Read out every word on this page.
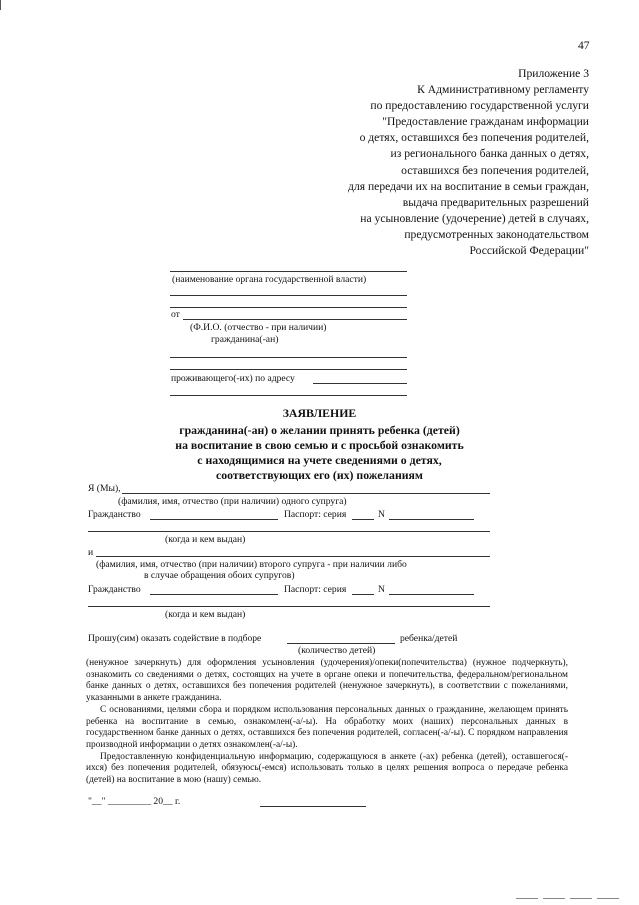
47
Приложение 3
К Административному регламенту
по предоставлению государственной услуги
"Предоставление гражданам информации
о детях, оставшихся без попечения родителей,
из регионального банка данных о детях,
оставшихся без попечения родителей,
для передачи их на воспитание в семьи граждан,
выдача предварительных разрешений
на усыновление (удочерение) детей в случаях,
предусмотренных законодательством
Российской Федерации"
(наименование органа государственной власти)
от
(Ф.И.О. (отчество - при наличии)
гражданина(-ан)
проживающего(-их) по адресу
ЗАЯВЛЕНИЕ
гражданина(-ан) о желании принять ребенка (детей)
на воспитание в свою семью и с просьбой ознакомить
с находящимися на учете сведениями о детях,
соответствующих его (их) пожеланиям
Я (Мы),
(фамилия, имя, отчество (при наличии) одного супруга)
Гражданство	Паспорт: серия	N
(когда и кем выдан)
и
(фамилия, имя, отчество (при наличии) второго супруга - при наличии либо
в случае обращения обоих супругов)
Гражданство	Паспорт: серия	N
(когда и кем выдан)
Прошу(сим) оказать содействие в подборе	ребенка/детей
(количество детей)

(ненужное зачеркнуть) для оформления усыновления (удочерения)/опеки(попечительства) (нужное подчеркнуть), ознакомить со сведениями о детях, состоящих на учете в органе опеки и попечительства, федеральном/региональном банке данных о детях, оставшихся без попечения родителей (ненужное зачеркнуть), в соответствии с пожеланиями, указанными в анкете гражданина.

С основаниями, целями сбора и порядком использования персональных данных о гражданине, желающем принять ребенка на воспитание в семью, ознакомлен(-а/-ы). На обработку моих (наших) персональных данных в государственном банке данных о детях, оставшихся без попечения родителей, согласен(-а/-ы). С порядком направления производной информации о детях ознакомлен(-а/-ы).

Предоставленную конфиденциальную информацию, содержащуюся в анкете (-ах) ребенка (детей), оставшегося(-ихся) без попечения родителей, обязуюсь(-емся) использовать только в целях решения вопроса о передаче ребенка (детей) на воспитание в мою (нашу) семью.

"__" _________ 20__ г.
